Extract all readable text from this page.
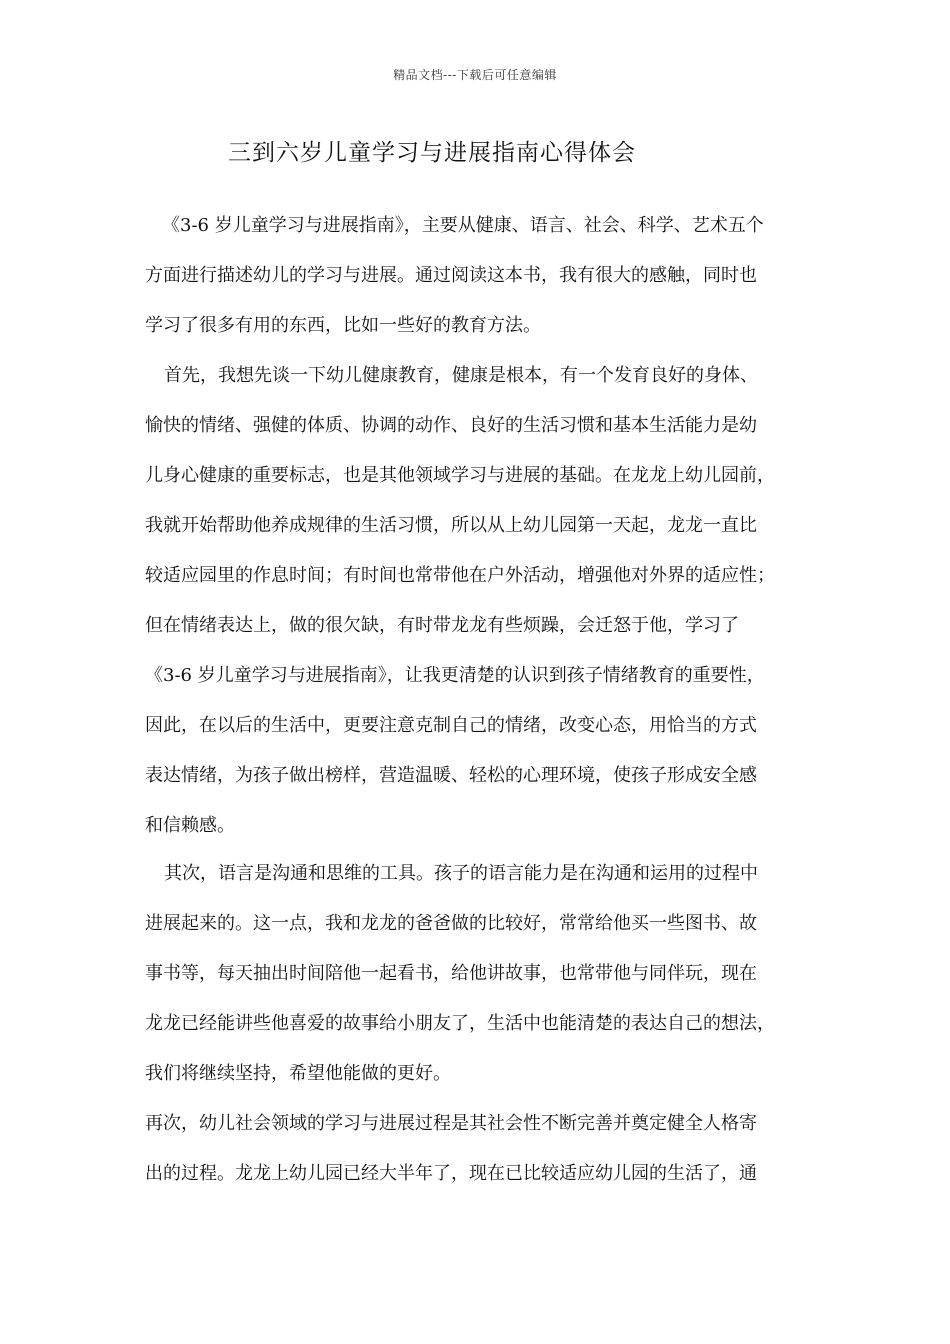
精品文档---下载后可任意编辑
三到六岁儿童学习与进展指南心得体会
《3-6 岁儿童学习与进展指南》，主要从健康、语言、社会、科学、艺术五个
方面进行描述幼儿的学习与进展。通过阅读这本书，我有很大的感触，同时也
学习了很多有用的东西，比如一些好的教育方法。
首先，我想先谈一下幼儿健康教育，健康是根本，有一个发育良好的身体、
愉快的情绪、强健的体质、协调的动作、良好的生活习惯和基本生活能力是幼
儿身心健康的重要标志，也是其他领域学习与进展的基础。在龙龙上幼儿园前，
我就开始帮助他养成规律的生活习惯，所以从上幼儿园第一天起，龙龙一直比
较适应园里的作息时间；有时间也常带他在户外活动，增强他对外界的适应性；
但在情绪表达上，做的很欠缺，有时带龙龙有些烦躁，会迁怒于他，学习了
《3-6 岁儿童学习与进展指南》，让我更清楚的认识到孩子情绪教育的重要性，
因此，在以后的生活中，更要注意克制自己的情绪，改变心态，用恰当的方式
表达情绪，为孩子做出榜样，营造温暖、轻松的心理环境，使孩子形成安全感
和信赖感。
其次，语言是沟通和思维的工具。孩子的语言能力是在沟通和运用的过程中
进展起来的。这一点，我和龙龙的爸爸做的比较好，常常给他买一些图书、故
事书等，每天抽出时间陪他一起看书，给他讲故事，也常带他与同伴玩，现在
龙龙已经能讲些他喜爱的故事给小朋友了，生活中也能清楚的表达自己的想法，
我们将继续坚持，希望他能做的更好。
再次，幼儿社会领域的学习与进展过程是其社会性不断完善并奠定健全人格寄
出的过程。龙龙上幼儿园已经大半年了，现在已比较适应幼儿园的生活了，通
